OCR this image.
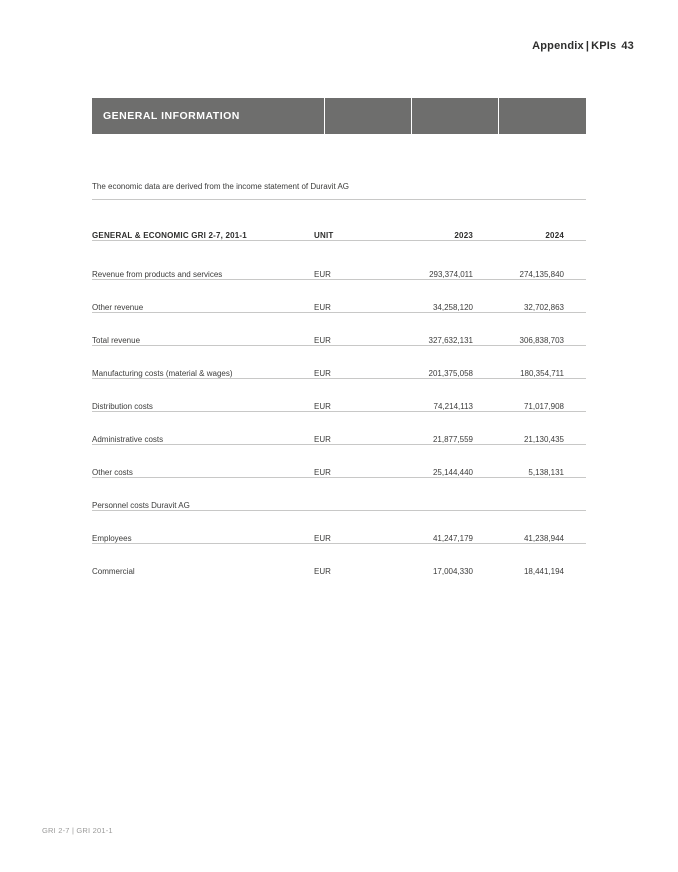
Appendix | KPIs 43
GENERAL INFORMATION
The economic data are derived from the income statement of Duravit AG
GENERAL & ECONOMIC GRI 2-7, 201-1	UNIT	2023	2024
Revenue from products and services	EUR	293,374,011	274,135,840
Other revenue	EUR	34,258,120	32,702,863
Total revenue	EUR	327,632,131	306,838,703
Manufacturing costs (material & wages)	EUR	201,375,058	180,354,711
Distribution costs	EUR	74,214,113	71,017,908
Administrative costs	EUR	21,877,559	21,130,435
Other costs	EUR	25,144,440	5,138,131
Personnel costs Duravit AG			
Employees	EUR	41,247,179	41,238,944
Commercial	EUR	17,004,330	18,441,194
GRI 2-7 | GRI 201-1
